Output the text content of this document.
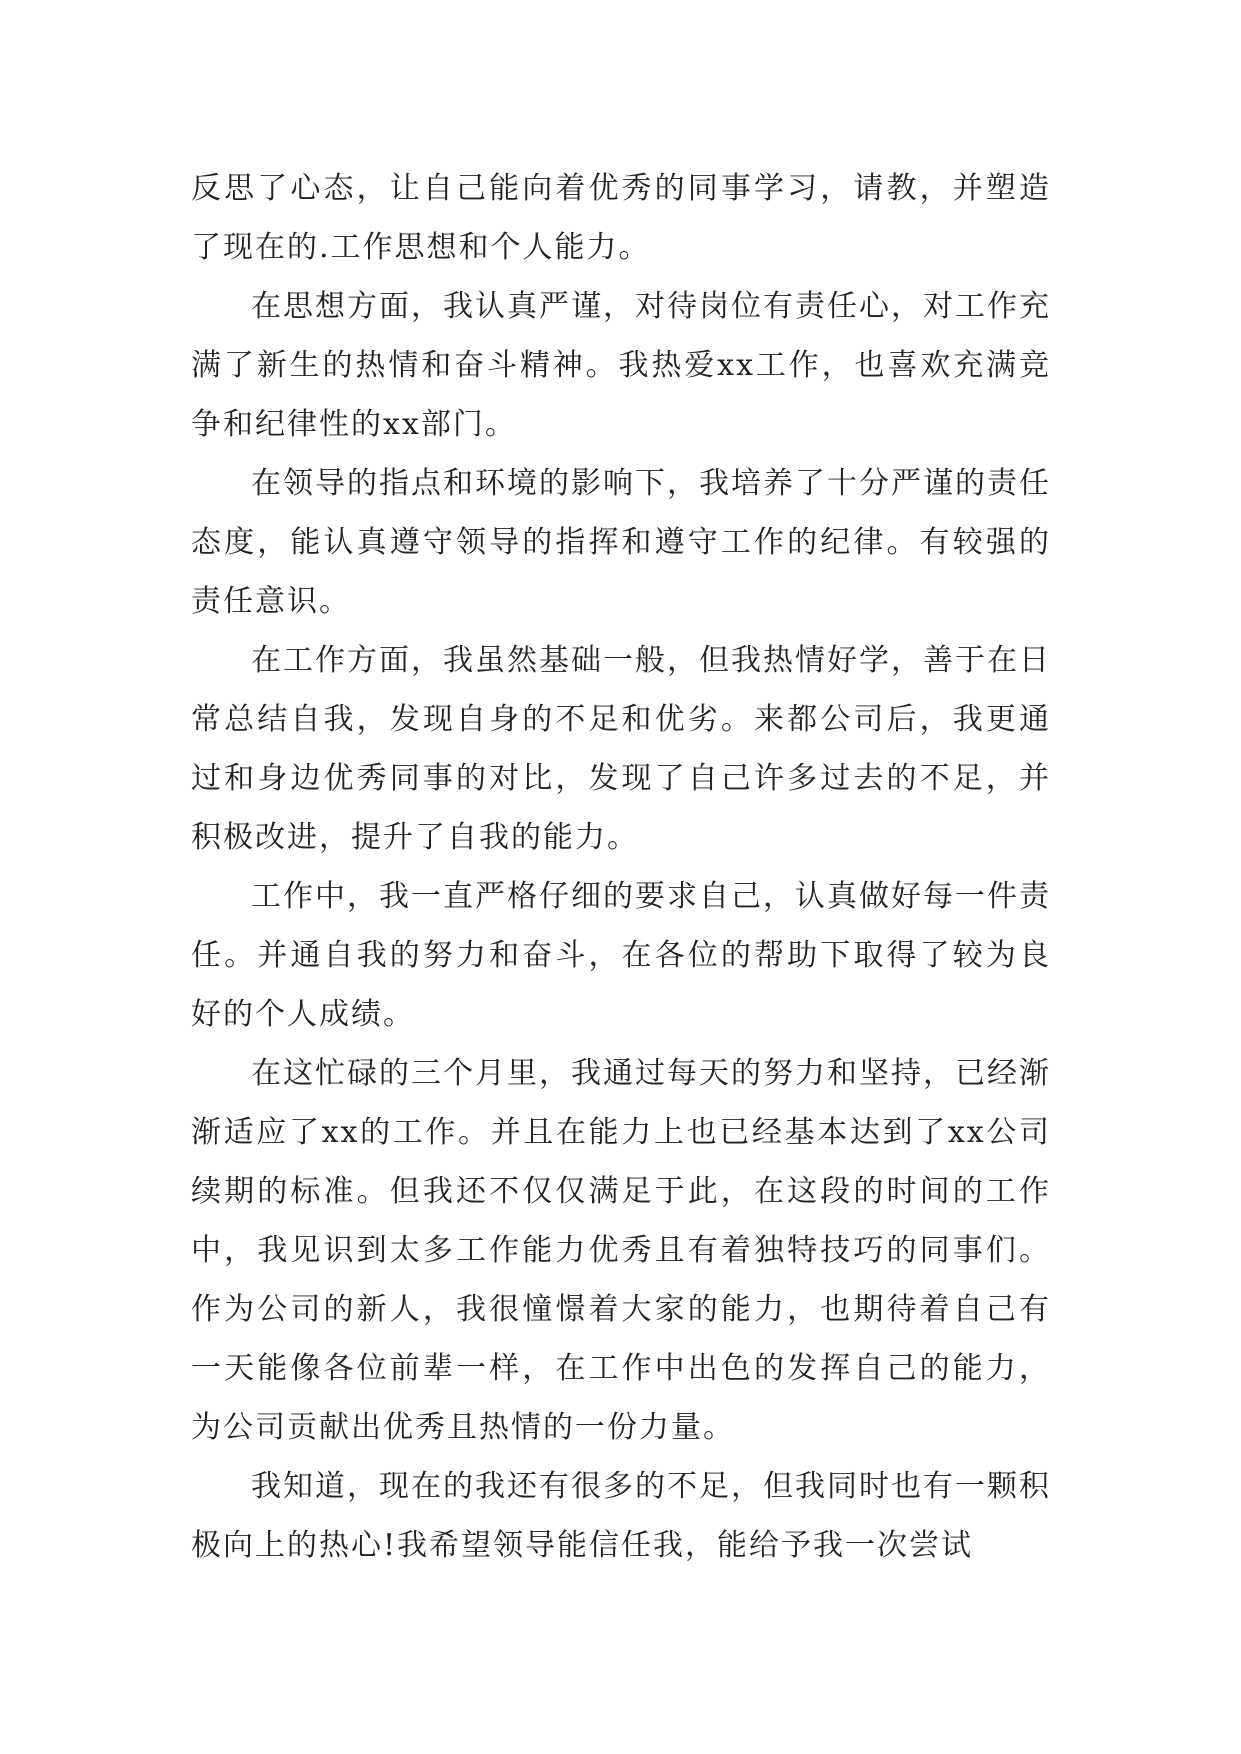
反思了心态，让自己能向着优秀的同事学习，请教，并塑造了现在的.工作思想和个人能力。

在思想方面，我认真严谨，对待岗位有责任心，对工作充满了新生的热情和奋斗精神。我热爱xx工作，也喜欢充满竞争和纪律性的xx部门。

在领导的指点和环境的影响下，我培养了十分严谨的责任态度，能认真遵守领导的指挥和遵守工作的纪律。有较强的责任意识。

在工作方面，我虽然基础一般，但我热情好学，善于在日常总结自我，发现自身的不足和优劣。来都公司后，我更通过和身边优秀同事的对比，发现了自己许多过去的不足，并积极改进，提升了自我的能力。

工作中，我一直严格仔细的要求自己，认真做好每一件责任。并通自我的努力和奋斗，在各位的帮助下取得了较为良好的个人成绩。

在这忙碌的三个月里，我通过每天的努力和坚持，已经渐渐适应了xx的工作。并且在能力上也已经基本达到了xx公司续期的标准。但我还不仅仅满足于此，在这段的时间的工作中，我见识到太多工作能力优秀且有着独特技巧的同事们。作为公司的新人，我很憧憬着大家的能力，也期待着自己有一天能像各位前辈一样，在工作中出色的发挥自己的能力，为公司贡献出优秀且热情的一份力量。

我知道，现在的我还有很多的不足，但我同时也有一颗积极向上的热心!我希望领导能信任我，能给予我一次尝试
